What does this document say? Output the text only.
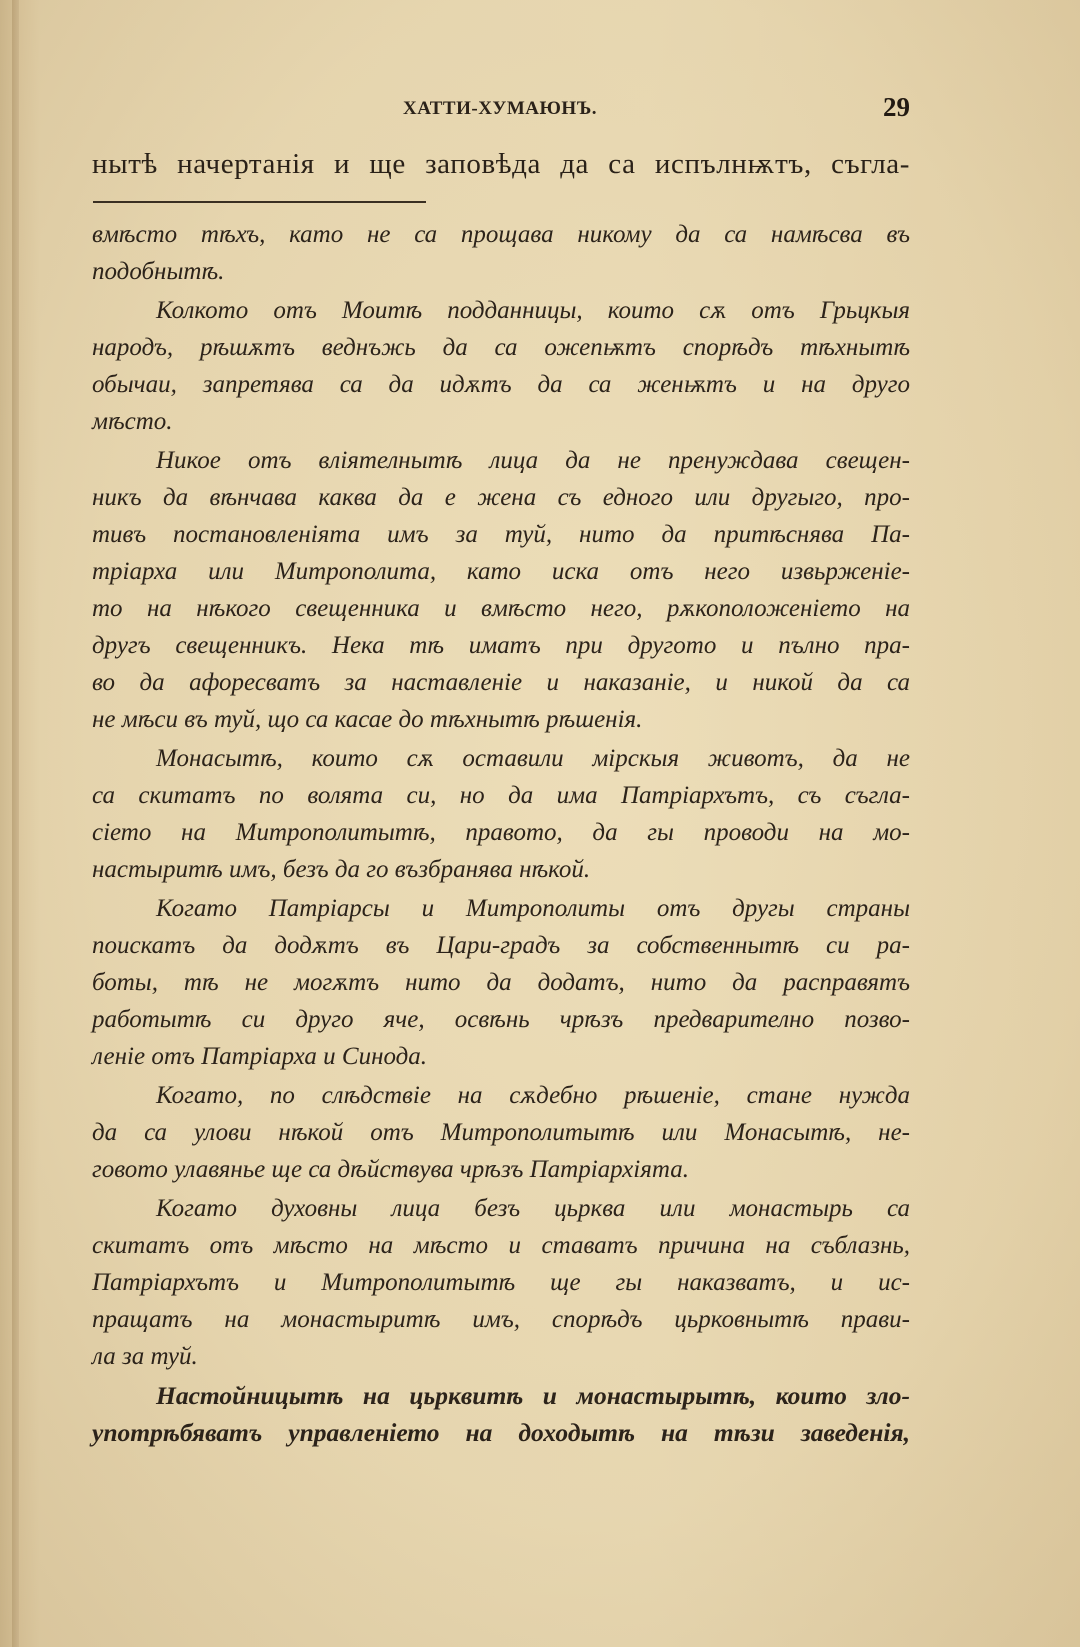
ХАТТИ-ХУМАЮНЪ.	29
нытѣ начертанія и ще заповѣда да са испълнѭтъ, съгла-
вмѣсто тѣхъ, като не са прощава никому да са намѣсва въ
подобнытѣ.
Колкото отъ Моитѣ подданницы, които сѫ отъ Грьцкыя
народъ, рѣшѫтъ веднъжь да са ожеnѭтъ спорѣдъ тѣхнытѣ
обычаи, запретява са да идѫтъ да са женѭтъ и на друго
мѣсто.
Никое отъ вліятелнытѣ лица да не пренуждава свещен-
никъ да вѣнчава каква да е жена съ едного или другыго, про-
тивъ постановленіята имъ за туй, нито да притѣснява Па-
тріарха или Митрополита, като иска отъ него извьрженіе-
то на нѣкого свещенника и вмѣсто него, рѫкоположеніето на
другъ свещенникъ. Нека тѣ иматъ при другото и пълно пра-
во да афоресватъ за наставленіе и наказаніе, и никой да са
не мѣси въ туй, що са касае до тѣхнытѣ рѣшенія.
Монасытѣ, които сѫ оставили мірскыя животъ, да не
са скитатъ по волята си, но да има Патріархътъ, съ съгла-
сіето на Митрополитытѣ, правото, да гы проводи на мо-
настыритѣ имъ, безъ да го възбранява нѣкой.
Когато Патріарсы и Митрополиты отъ другы страны
поискатъ да додѫтъ въ Цари-градъ за собственнытѣ си ра-
боты, тѣ не могѫтъ нито да додатъ, нито да расправятъ
работытѣ си друго яче, освѣнь чрѣзъ предварително позво-
леніе отъ Патріарха и Синода.
Когато, по слѣдствіе на сѫдебно рѣшеніе, стане нужда
да са улови нѣкой отъ Митрополитытѣ или Монасытѣ, не-
говото улавянье ще са дѣйствува чрѣзъ Патріархіята.
Когато духовны лица безъ цьрква или монастырь са
скитатъ отъ мѣсто на мѣсто и ставатъ причина на съблазнь,
Патріархътъ и Митрополитытѣ ще гы наказватъ, и ис-
пращатъ на монастыритѣ имъ, спорѣдъ цьрковнытѣ прави-
ла за туй.
Настойницытѣ на цьрквитѣ и монастырытѣ, които зло-
употрѣбяватъ управленіето на доходытѣ на тѣзи заведенія,
